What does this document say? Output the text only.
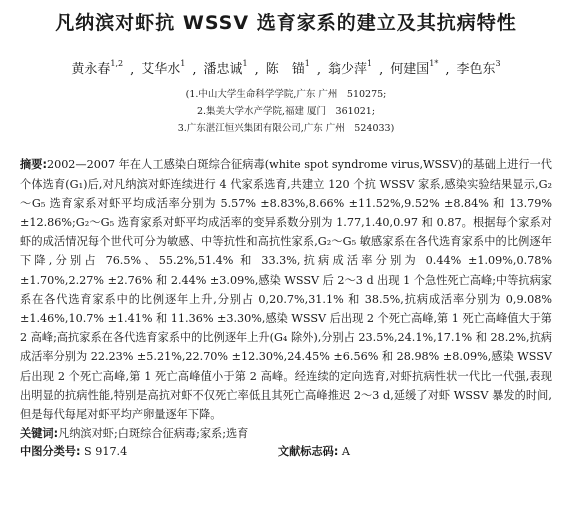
凡纳滨对虾抗 WSSV 选育家系的建立及其抗病特性
黄永春$^{1,2}$ , 艾华水$^1$ , 潘忠诚$^1$ , 陈　锚$^1$ , 翁少萍$^1$ , 何建国$^{1*}$ , 李色东$^3$
(1.中山大学生命科学学院,广东 广州　510275;
2.集美大学水产学院,福建 厦门　361021;
3.广东湛江恒兴集团有限公司,广东 广州　524033)
摘要:2002—2007 年在人工感染白斑综合征病毒(white spot syndrome virus,WSSV)的基础上进行一代个体选育(G₁)后,对凡纳滨对虾连续进行 4 代家系选育,共建立 120 个抗 WSSV 家系,感染实验结果显示,G₂～G₅ 选育家系对虾平均成活率分别为 5.57% ±8.83%,8.66% ±11.52%,9.52% ±8.84% 和 13.79% ±12.86%;G₂～G₅ 选育家系对虾平均成活率的变异系数分别为 1.77,1.40,0.97 和 0.87。根据每个家系对虾的成活情况每个世代可分为敏感、中等抗性和高抗性家系,G₂～G₅ 敏感家系在各代选育家系中的比例逐年下降,分别占 76.5%、55.2%,51.4% 和 33.3%,抗病成活率分别为 0.44% ±1.09%,0.78% ±1.70%,2.27% ±2.76% 和 2.44% ±3.09%,感染 WSSV 后 2～3 d 出现 1 个急性死亡高峰;中等抗病家系在各代选育家系中的比例逐年上升,分别占 0,20.7%,31.1% 和 38.5%,抗病成活率分别为 0,9.08% ±1.46%,10.7% ±1.41% 和 11.36% ±3.30%,感染 WSSV 后出现 2 个死亡高峰,第 1 死亡高峰值大于第 2 高峰;高抗家系在各代选育家系中的比例逐年上升(G₄ 除外),分别占 23.5%,24.1%,17.1% 和 28.2%,抗病成活率分别为 22.23% ±5.21%,22.70% ±12.30%,24.45% ±6.56% 和 28.98% ±8.09%,感染 WSSV 后出现 2 个死亡高峰,第 1 死亡高峰值小于第 2 高峰。经连续的定向选育,对虾抗病性状一代比一代强,表现出明显的抗病性能,特别是高抗对虾不仅死亡率低且其死亡高峰推迟 2～3 d,延缓了对虾 WSSV 暴发的时间,但是每代每尾对虾平均产卵量逐年下降。
关键词:凡纳滨对虾;白斑综合征病毒;家系;选育
中图分类号: S 917.4	文献标志码: A
